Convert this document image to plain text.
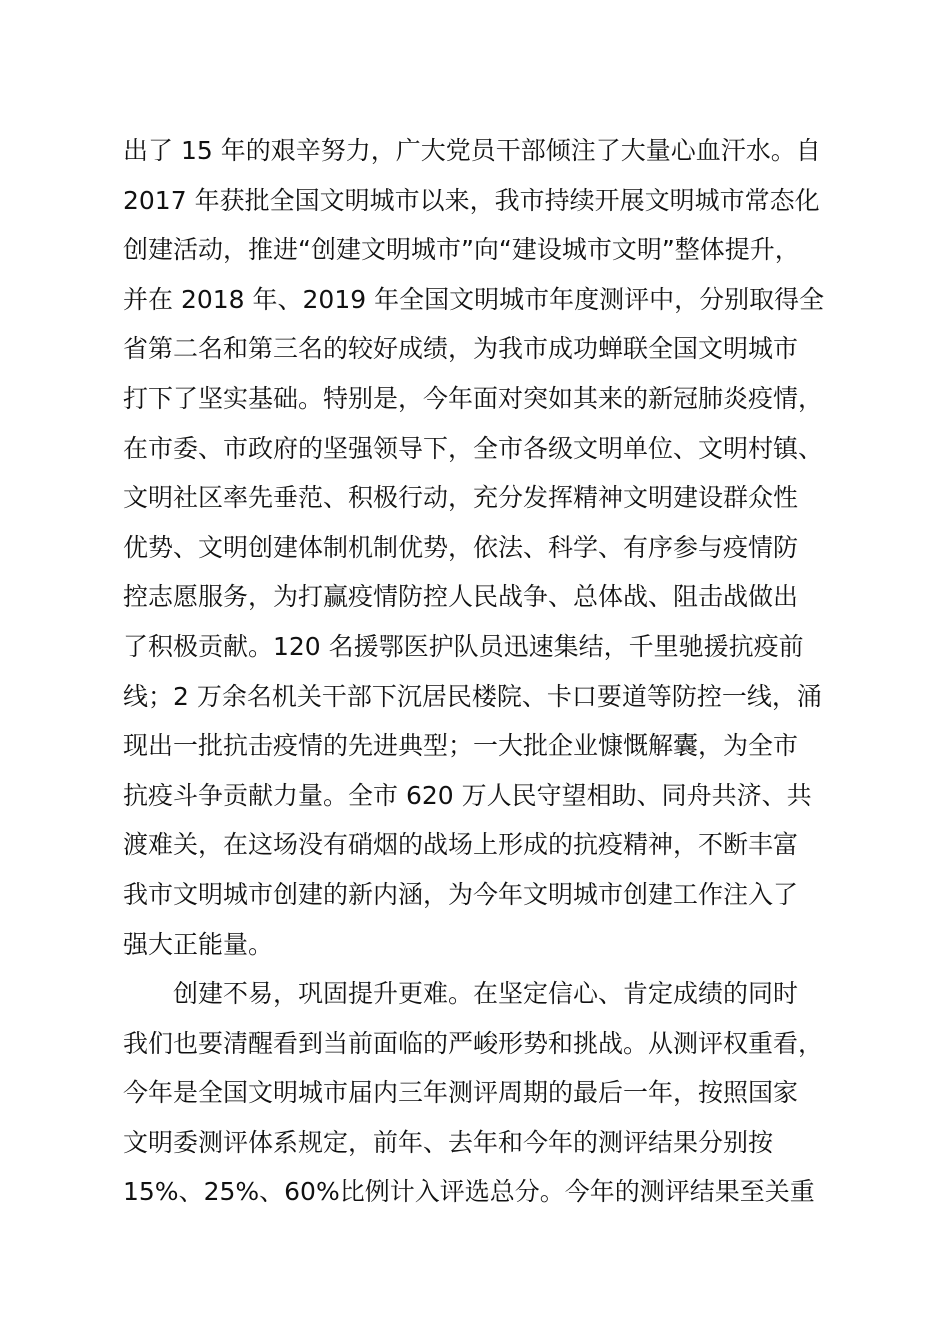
出了 15 年的艰辛努力，广大党员干部倾注了大量心血汗水。自
2017 年获批全国文明城市以来，我市持续开展文明城市常态化
创建活动，推进“创建文明城市”向“建设城市文明”整体提升，
并在 2018 年、2019 年全国文明城市年度测评中，分别取得全
省第二名和第三名的较好成绩，为我市成功蝉联全国文明城市
打下了坚实基础。特别是，今年面对突如其来的新冠肺炎疫情，
在市委、市政府的坚强领导下，全市各级文明单位、文明村镇、
文明社区率先垂范、积极行动，充分发挥精神文明建设群众性
优势、文明创建体制机制优势，依法、科学、有序参与疫情防
控志愿服务，为打赢疫情防控人民战争、总体战、阻击战做出
了积极贡献。120 名援鄂医护队员迅速集结，千里驰援抗疫前
线；2 万余名机关干部下沉居民楼院、卡口要道等防控一线，涌
现出一批抗击疫情的先进典型；一大批企业慷慨解囊，为全市
抗疫斗争贡献力量。全市 620 万人民守望相助、同舟共济、共
渡难关，在这场没有硝烟的战场上形成的抗疫精神，不断丰富
我市文明城市创建的新内涵，为今年文明城市创建工作注入了
强大正能量。
创建不易，巩固提升更难。在坚定信心、肯定成绩的同时
我们也要清醒看到当前面临的严峻形势和挑战。从测评权重看，
今年是全国文明城市届内三年测评周期的最后一年，按照国家
文明委测评体系规定，前年、去年和今年的测评结果分别按
15%、25%、60%比例计入评选总分。今年的测评结果至关重
